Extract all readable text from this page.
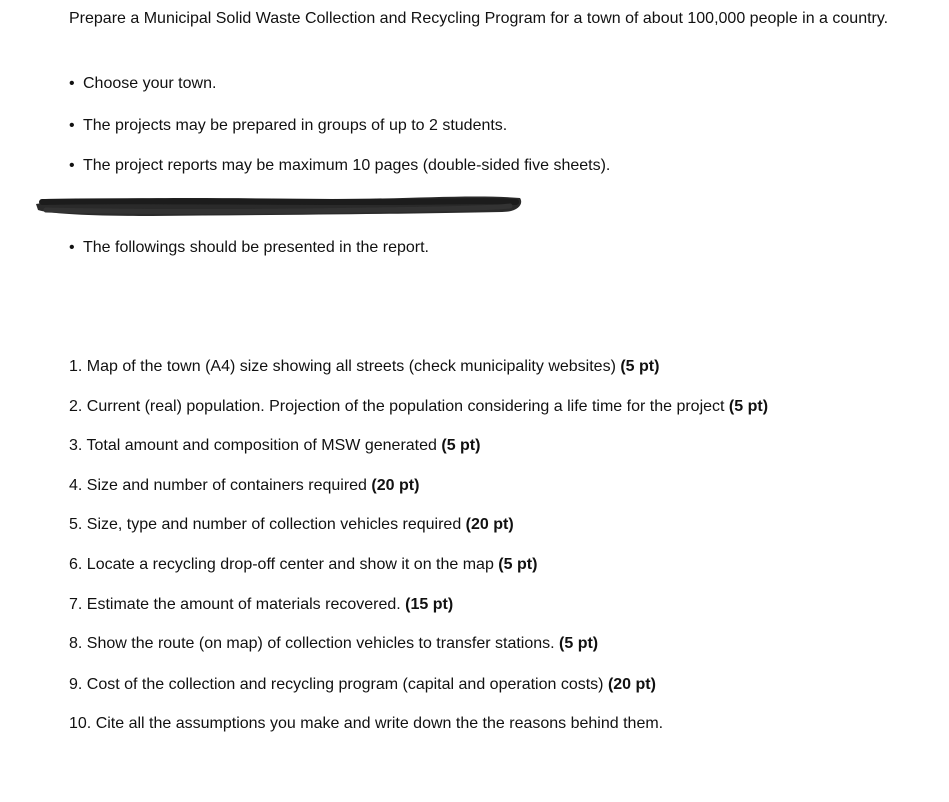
Prepare a Municipal Solid Waste Collection and Recycling Program for a town of about 100,000 people in a country.

• Choose your town.

• The projects may be prepared in groups of up to 2 students.

• The project reports may be maximum 10 pages (double-sided five sheets).

• The followings should be presented in the report.

1. Map of the town (A4) size showing all streets (check municipality websites) (5 pt)

2. Current (real) population. Projection of the population considering a life time for the project (5 pt)

3. Total amount and composition of MSW generated (5 pt)

4. Size and number of containers required (20 pt)

5. Size, type and number of collection vehicles required (20 pt)

6. Locate a recycling drop-off center and show it on the map (5 pt)

7. Estimate the amount of materials recovered. (15 pt)

8. Show the route (on map) of collection vehicles to transfer stations. (5 pt)

9. Cost of the collection and recycling program (capital and operation costs) (20 pt)

10. Cite all the assumptions you make and write down the the reasons behind them.
